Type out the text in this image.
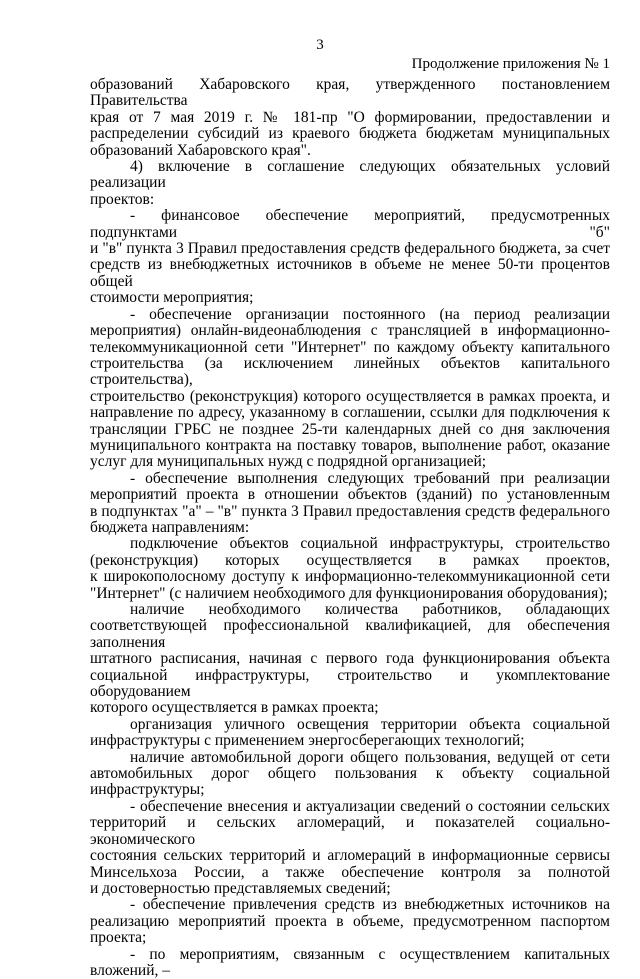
3
Продолжение приложения № 1
образований Хабаровского края, утвержденного постановлением Правительства
края от 7 мая 2019 г. № 181-пр "О формировании, предоставлении и
распределении субсидий из краевого бюджета бюджетам муниципальных
образований Хабаровского края".
4) включение в соглашение следующих обязательных условий реализации
проектов:
- финансовое обеспечение мероприятий, предусмотренных подпунктами "б"
и "в" пункта 3 Правил предоставления средств федерального бюджета, за счет
средств из внебюджетных источников в объеме не менее 50-ти процентов общей
стоимости мероприятия;
- обеспечение организации постоянного (на период реализации
мероприятия) онлайн-видеонаблюдения с трансляцией в информационно-
телекоммуникационной сети "Интернет" по каждому объекту капитального
строительства (за исключением линейных объектов капитального строительства),
строительство (реконструкция) которого осуществляется в рамках проекта, и
направление по адресу, указанному в соглашении, ссылки для подключения к
трансляции ГРБС не позднее 25-ти календарных дней со дня заключения
муниципального контракта на поставку товаров, выполнение работ, оказание
услуг для муниципальных нужд с подрядной организацией;
- обеспечение выполнения следующих требований при реализации
мероприятий проекта в отношении объектов (зданий) по установленным
в подпунктах "а" – "в" пункта 3 Правил предоставления средств федерального
бюджета направлениям:
подключение объектов социальной инфраструктуры, строительство
(реконструкция) которых осуществляется в рамках проектов,
к широкополосному доступу к информационно-телекоммуникационной сети
"Интернет" (с наличием необходимого для функционирования оборудования);
наличие необходимого количества работников, обладающих
соответствующей профессиональной квалификацией, для обеспечения заполнения
штатного расписания, начиная с первого года функционирования объекта
социальной инфраструктуры, строительство и укомплектование оборудованием
которого осуществляется в рамках проекта;
организация уличного освещения территории объекта социальной
инфраструктуры с применением энергосберегающих технологий;
наличие автомобильной дороги общего пользования, ведущей от сети
автомобильных дорог общего пользования к объекту социальной
инфраструктуры;
- обеспечение внесения и актуализации сведений о состоянии сельских
территорий и сельских агломераций, и показателей социально-экономического
состояния сельских территорий и агломераций в информационные сервисы
Минсельхоза России, а также обеспечение контроля за полнотой
и достоверностью представляемых сведений;
- обеспечение привлечения средств из внебюджетных источников на
реализацию мероприятий проекта в объеме, предусмотренном паспортом проекта;
- по мероприятиям, связанным с осуществлением капитальных вложений, –
